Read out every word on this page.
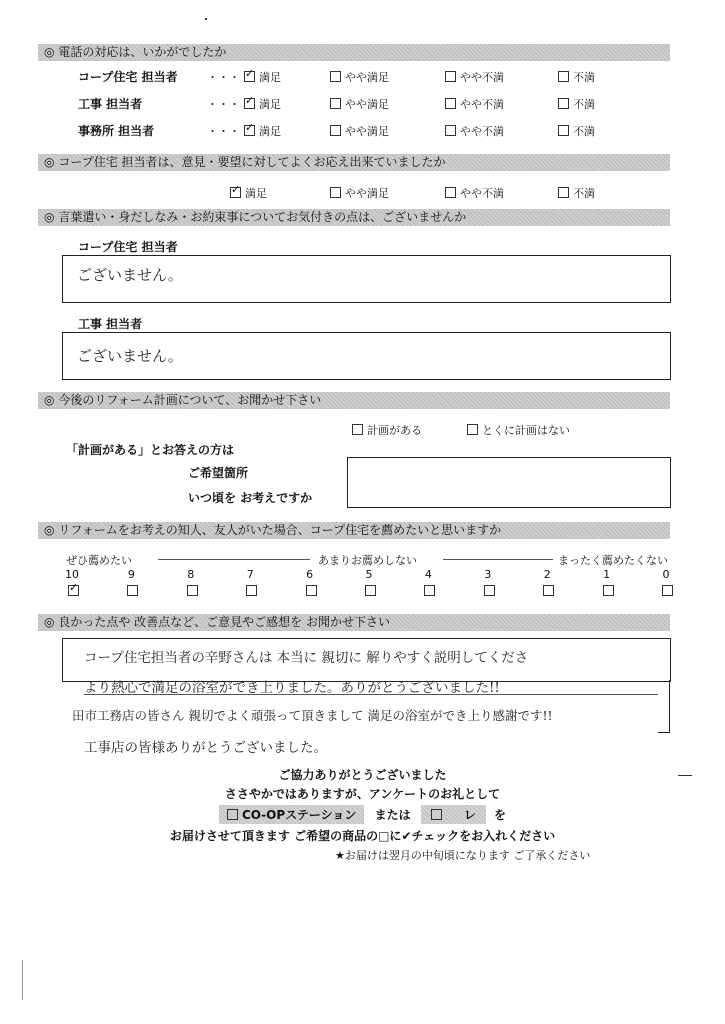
◎ 電話の対応は、いかがでしたか
コープ住宅 担当者	・・・ ✓ 満足	やや満足	やや不満	不満
工事 担当者	・・・ ✓ 満足	やや満足	やや不満	不満
事務所 担当者	・・・ ✓ 満足	やや満足	やや不満	不満
◎ コープ住宅 担当者は、意見・要望に対してよくお応え出来ていましたか
✓満足	やや満足	やや不満	不満
◎ 言葉遣い・身だしなみ・お約束事についてお気付きの点は、ございませんか
コープ住宅 担当者
ございません。
工事 担当者
ございません。
◎ 今後のリフォーム計画について、お聞かせ下さい
計画がある	とくに計画はない
「計画がある」とお答えの方は
ご希望箇所
いつ頃を お考えですか
◎ リフォームをお考えの知人、友人がいた場合、コープ住宅を薦めたいと思いますか
ぜひ薦めたい	あまりお薦めしない	まったく薦めたくない
10
✓	9	8	7	6	5	4	3	2	1	0
◎ 良かった点や 改善点など、ご意見やご感想を お聞かせ下さい
コープ住宅担当者の辛野さんは 本当に 親切に 解りやすく説明してくださ
より熱心で満足の浴室ができ上りました。ありがとうございました!!
田市工務店の皆さん 親切でよく頑張って頂きまして 満足の浴室ができ上り感謝です!!
工事店の皆様ありがとうございました。
ご協力ありがとうございました
ささやかではありますが、アンケートのお礼として
CO-OPステーション または	レ を
お届けさせて頂きます ご希望の商品の□に✔チェックをお入れください
★お届けは翌月の中旬頃になります ご了承ください
